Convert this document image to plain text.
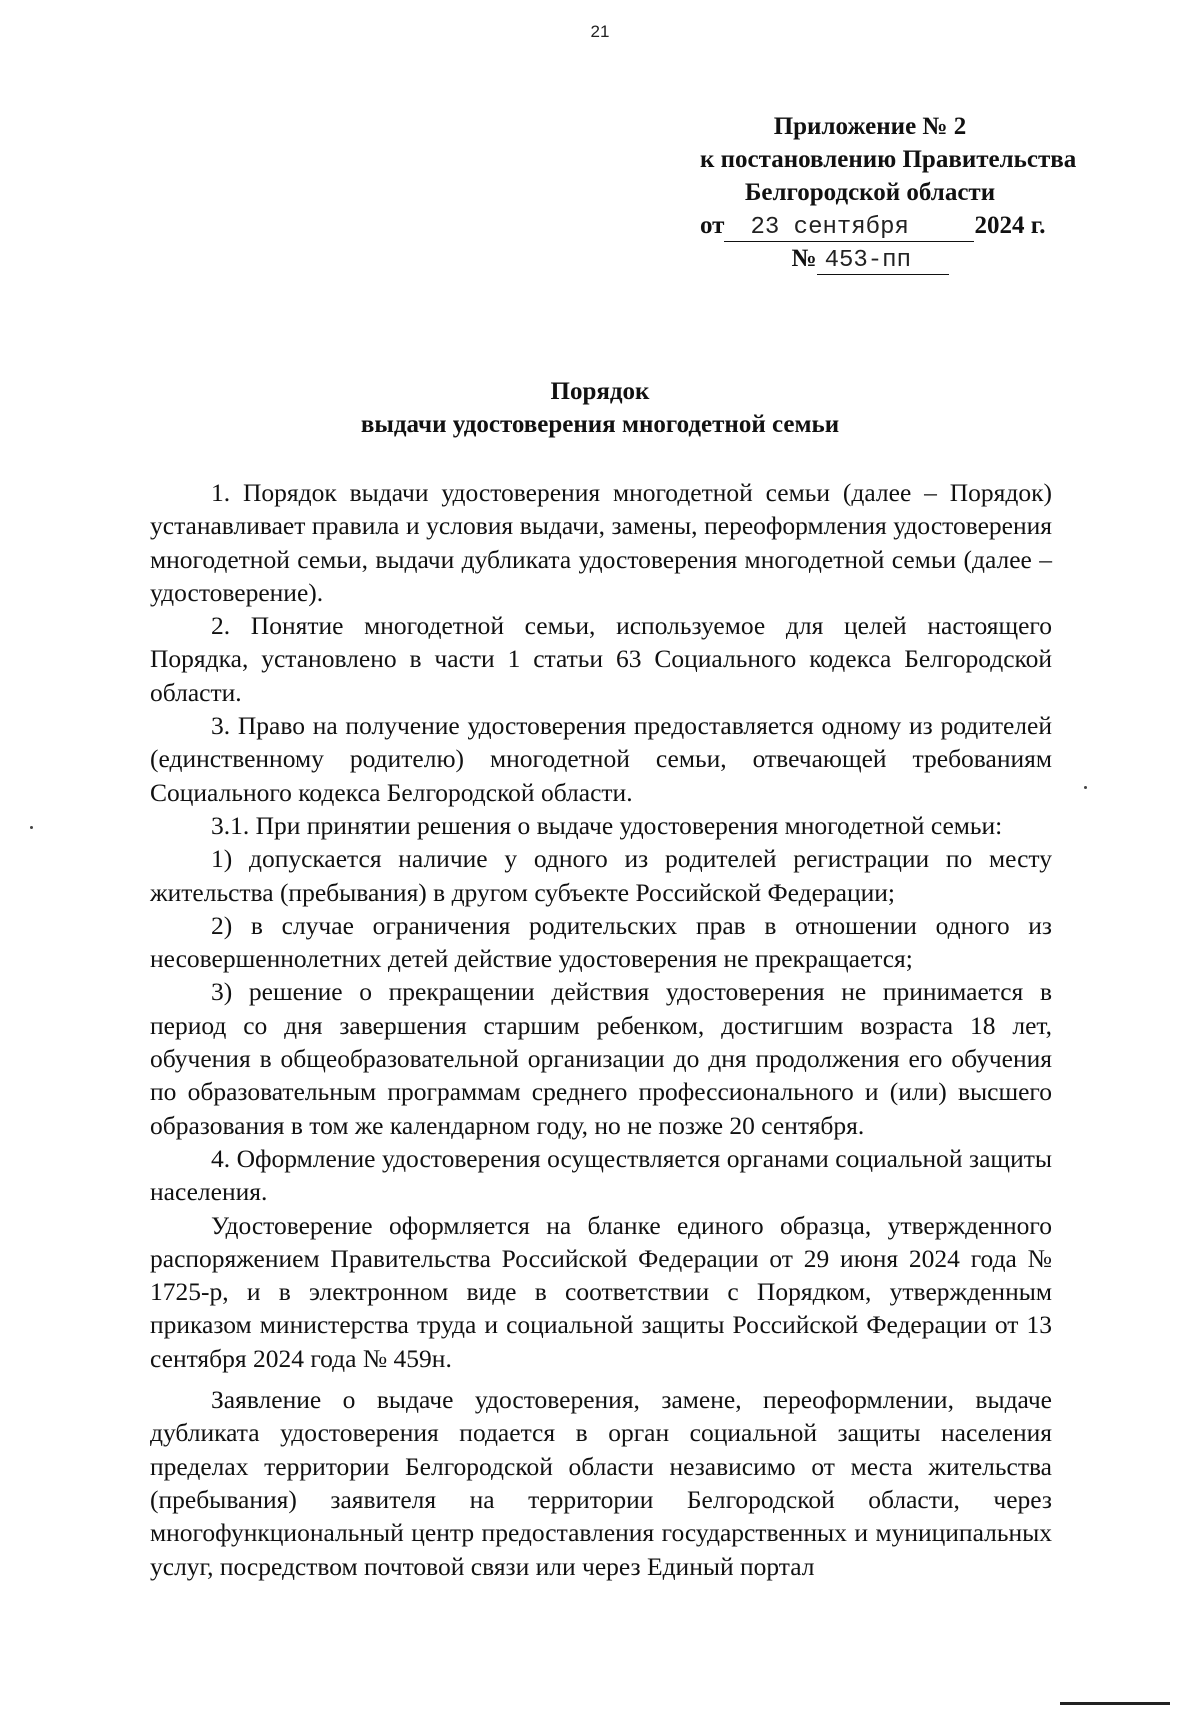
21
Приложение № 2
к постановлению Правительства
Белгородской области
от 23 сентября	2024 г.
№ 453-пп
Порядок
выдачи удостоверения многодетной семьи

1. Порядок выдачи удостоверения многодетной семьи (далее – Порядок) устанавливает правила и условия выдачи, замены, переоформления удостоверения многодетной семьи, выдачи дубликата удостоверения многодетной семьи (далее – удостоверение).

2. Понятие многодетной семьи, используемое для целей настоящего Порядка, установлено в части 1 статьи 63 Социального кодекса Белгородской области.

3. Право на получение удостоверения предоставляется одному из родителей (единственному родителю) многодетной семьи, отвечающей требованиям Социального кодекса Белгородской области.

3.1. При принятии решения о выдаче удостоверения многодетной семьи:

1) допускается наличие у одного из родителей регистрации по месту жительства (пребывания) в другом субъекте Российской Федерации;

2) в случае ограничения родительских прав в отношении одного из несовершеннолетних детей действие удостоверения не прекращается;

3) решение о прекращении действия удостоверения не принимается в период со дня завершения старшим ребенком, достигшим возраста 18 лет, обучения в общеобразовательной организации до дня продолжения его обучения по образовательным программам среднего профессионального и (или) высшего образования в том же календарном году, но не позже 20 сентября.

4. Оформление удостоверения осуществляется органами социальной защиты населения.

Удостоверение оформляется на бланке единого образца, утвержденного распоряжением Правительства Российской Федерации от 29 июня 2024 года № 1725-р, и в электронном виде в соответствии с Порядком, утвержденным приказом министерства труда и социальной защиты Российской Федерации от 13 сентября 2024 года № 459н.

Заявление о выдаче удостоверения, замене, переоформлении, выдаче дубликата удостоверения подается в орган социальной защиты населения пределах территории Белгородской области независимо от места жительства (пребывания) заявителя на территории Белгородской области, через многофункциональный центр предоставления государственных и муниципальных услуг, посредством почтовой связи или через Единый портал
